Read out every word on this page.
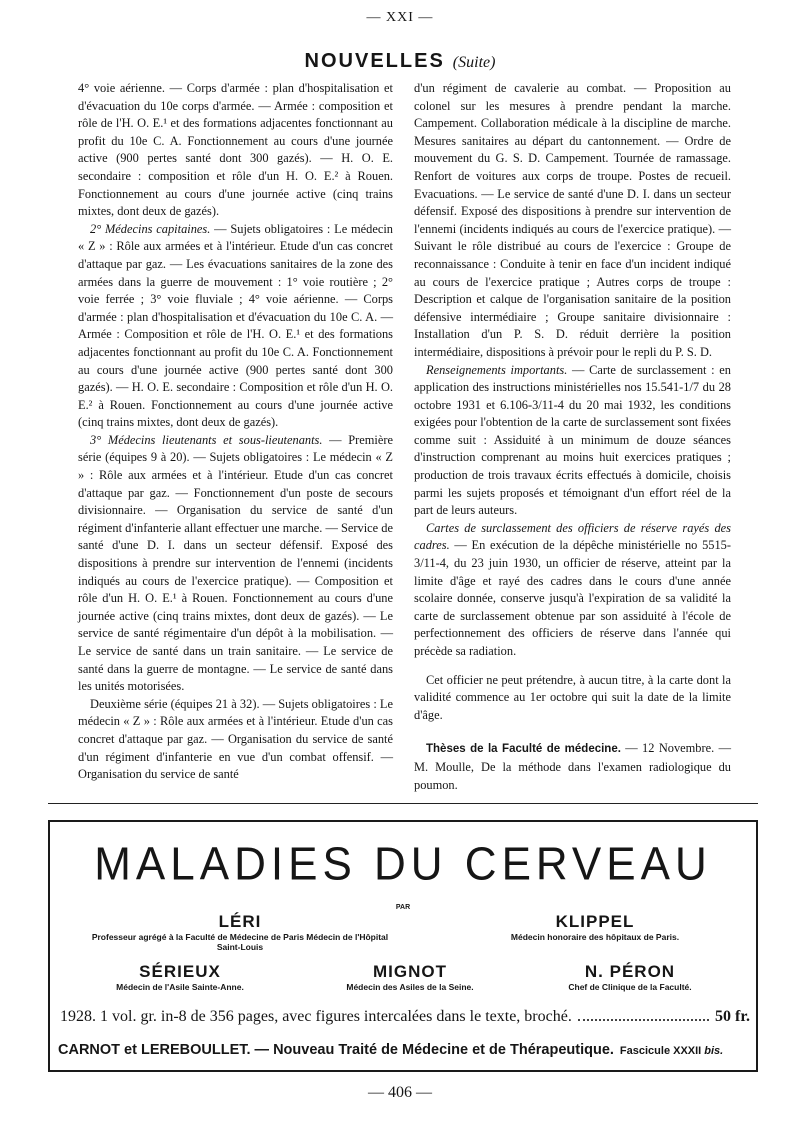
— XXI —
NOUVELLES (Suite)

4° voie aérienne. — Corps d'armée : plan d'hospitalisation et d'évacuation du 10e corps d'armée. — Armée : composition et rôle de l'H. O. E.¹ et des formations adjacentes fonctionnant au profit du 10e C. A. Fonctionnement au cours d'une journée active (900 pertes santé dont 300 gazés). — H. O. E. secondaire : composition et rôle d'un H. O. E.² à Rouen. Fonctionnement au cours d'une journée active (cinq trains mixtes, dont deux de gazés).

2° Médecins capitaines. — Sujets obligatoires : Le médecin « Z » : Rôle aux armées et à l'intérieur. Etude d'un cas concret d'attaque par gaz. — Les évacuations sanitaires de la zone des armées dans la guerre de mouvement : 1° voie routière ; 2° voie ferrée ; 3° voie fluviale ; 4° voie aérienne. — Corps d'armée : plan d'hospitalisation et d'évacuation du 10e C. A. — Armée : Composition et rôle de l'H. O. E.¹ et des formations adjacentes fonctionnant au profit du 10e C. A. Fonctionnement au cours d'une journée active (900 pertes santé dont 300 gazés). — H. O. E. secondaire : Composition et rôle d'un H. O. E.² à Rouen. Fonctionnement au cours d'une journée active (cinq trains mixtes, dont deux de gazés).

3° Médecins lieutenants et sous-lieutenants. — Première série (équipes 9 à 20). — Sujets obligatoires : Le médecin « Z » : Rôle aux armées et à l'intérieur. Etude d'un cas concret d'attaque par gaz. — Fonctionnement d'un poste de secours divisionnaire. — Organisation du service de santé d'un régiment d'infanterie allant effectuer une marche. — Service de santé d'une D. I. dans un secteur défensif. Exposé des dispositions à prendre sur intervention de l'ennemi (incidents indiqués au cours de l'exercice pratique). — Composition et rôle d'un H. O. E.¹ à Rouen. Fonctionnement au cours d'une journée active (cinq trains mixtes, dont deux de gazés). — Le service de santé régimentaire d'un dépôt à la mobilisation. — Le service de santé dans un train sanitaire. — Le service de santé dans la guerre de montagne. — Le service de santé dans les unités motorisées.

Deuxième série (équipes 21 à 32). — Sujets obligatoires : Le médecin « Z » : Rôle aux armées et à l'intérieur. Etude d'un cas concret d'attaque par gaz. — Organisation du service de santé d'un régiment d'infanterie en vue d'un combat offensif. — Organisation du service de santé

d'un régiment de cavalerie au combat. — Proposition au colonel sur les mesures à prendre pendant la marche. Campement. Collaboration médicale à la discipline de marche. Mesures sanitaires au départ du cantonnement. — Ordre de mouvement du G. S. D. Campement. Tournée de ramassage. Renfort de voitures aux corps de troupe. Postes de recueil. Evacuations. — Le service de santé d'une D. I. dans un secteur défensif. Exposé des dispositions à prendre sur intervention de l'ennemi (incidents indiqués au cours de l'exercice pratique). — Suivant le rôle distribué au cours de l'exercice : Groupe de reconnaissance : Conduite à tenir en face d'un incident indiqué au cours de l'exercice pratique ; Autres corps de troupe : Description et calque de l'organisation sanitaire de la position défensive intermédiaire ; Groupe sanitaire divisionnaire : Installation d'un P. S. D. réduit derrière la position intermédiaire, dispositions à prévoir pour le repli du P. S. D.

Renseignements importants. — Carte de surclassement : en application des instructions ministérielles nos 15.541-1/7 du 28 octobre 1931 et 6.106-3/11-4 du 20 mai 1932, les conditions exigées pour l'obtention de la carte de surclassement sont fixées comme suit : Assiduité à un minimum de douze séances d'instruction comprenant au moins huit exercices pratiques ; production de trois travaux écrits effectués à domicile, choisis parmi les sujets proposés et témoignant d'un effort réel de la part de leurs auteurs.

Cartes de surclassement des officiers de réserve rayés des cadres. — En exécution de la dépêche ministérielle no 5515-3/11-4, du 23 juin 1930, un officier de réserve, atteint par la limite d'âge et rayé des cadres dans le cours d'une année scolaire donnée, conserve jusqu'à l'expiration de sa validité la carte de surclassement obtenue par son assiduité à l'école de perfectionnement des officiers de réserve dans l'année qui précède sa radiation.

Cet officier ne peut prétendre, à aucun titre, à la carte dont la validité commence au 1er octobre qui suit la date de la limite d'âge.

Thèses de la Faculté de médecine. — 12 Novembre. — M. Moulle, De la méthode dans l'examen radiologique du poumon.

MALADIES DU CERVEAU
PAR
LÉRI
Professeur agrégé à la Faculté de Médecine de Paris Médecin de l'Hôpital Saint-Louis
KLIPPEL
Médecin honoraire des hôpitaux de Paris.
SÉRIEUX
Médecin de l'Asile Sainte-Anne.
MIGNOT
Médecin des Asiles de la Seine.
N. PÉRON
Chef de Clinique de la Faculté.
1928. 1 vol. gr. in-8 de 356 pages, avec figures intercalées dans le texte, broché.	50 fr.
CARNOT et LEREBOULLET. — Nouveau Traité de Médecine et de Thérapeutique. Fascicule XXXII bis.
— 406 —
